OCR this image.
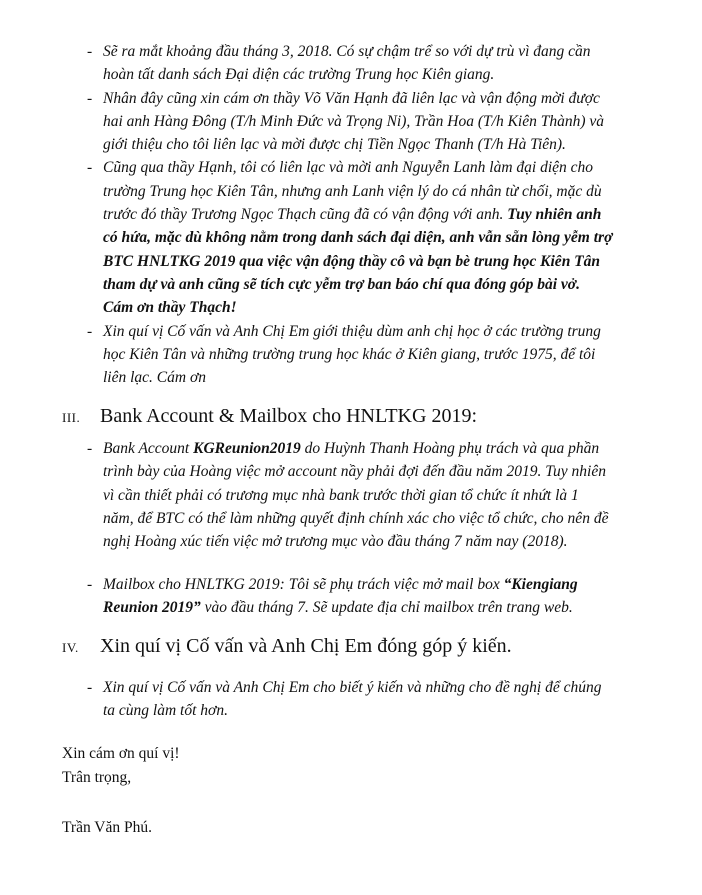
- Sẽ ra mắt khoảng đầu tháng 3, 2018. Có sự chậm trể so với dự trù vì đang cần
hoàn tất danh sách Đại diện các trường Trung học Kiên giang.
- Nhân đây cũng xin cám ơn thầy Võ Văn Hạnh đã liên lạc và vận động mời được
hai anh Hàng Đông (T/h Minh Đức và Trọng Ni), Trần Hoa (T/h Kiên Thành) và
giới thiệu cho tôi liên lạc và mời được chị Tiền Ngọc Thanh (T/h Hà Tiên).
- Cũng qua thầy Hạnh, tôi có liên lạc và mời anh Nguyễn Lanh làm đại diện cho
trường Trung học Kiên Tân, nhưng anh Lanh viện lý do cá nhân từ chối, mặc dù
trước đó thầy Trương Ngọc Thạch cũng đã có vận động với anh. Tuy nhiên anh
có hứa, mặc dù không nằm trong danh sách đại diện, anh vẫn sẵn lòng yễm trợ
BTC HNLTKG 2019 qua việc vận động thầy cô và bạn bè trung học Kiên Tân
tham dự và anh cũng sẽ tích cực yễm trợ ban báo chí qua đóng góp bài vở.
Cám ơn thầy Thạch!
- Xin quí vị Cố vấn và Anh Chị Em giới thiệu dùm anh chị học ở các trường trung
học Kiên Tân và những trường trung học khác ở Kiên giang, trước 1975, để tôi
liên lạc. Cám ơn
III. Bank Account & Mailbox cho HNLTKG 2019:
- Bank Account KGReunion2019 do Huỳnh Thanh Hoàng phụ trách và qua phần
trình bày của Hoàng việc mở account nầy phải đợi đến đầu năm 2019. Tuy nhiên
vì cần thiết phải có trương mục nhà bank trước thời gian tổ chức ít nhứt là 1
năm, để BTC có thể làm những quyết định chính xác cho việc tổ chức, cho nên đề
nghị Hoàng xúc tiến việc mở trương mục vào đầu tháng 7 năm nay (2018).
- Mailbox cho HNLTKG 2019: Tôi sẽ phụ trách việc mở mail box “Kiengiang
Reunion 2019” vào đầu tháng 7. Sẽ update địa chỉ mailbox trên trang web.
IV. Xin quí vị Cố vấn và Anh Chị Em đóng góp ý kiến.
- Xin quí vị Cố vấn và Anh Chị Em cho biết ý kiến và những cho đề nghị để chúng
ta cùng làm tốt hơn.
Xin cám ơn quí vị!
Trân trọng,
Trần Văn Phú.
